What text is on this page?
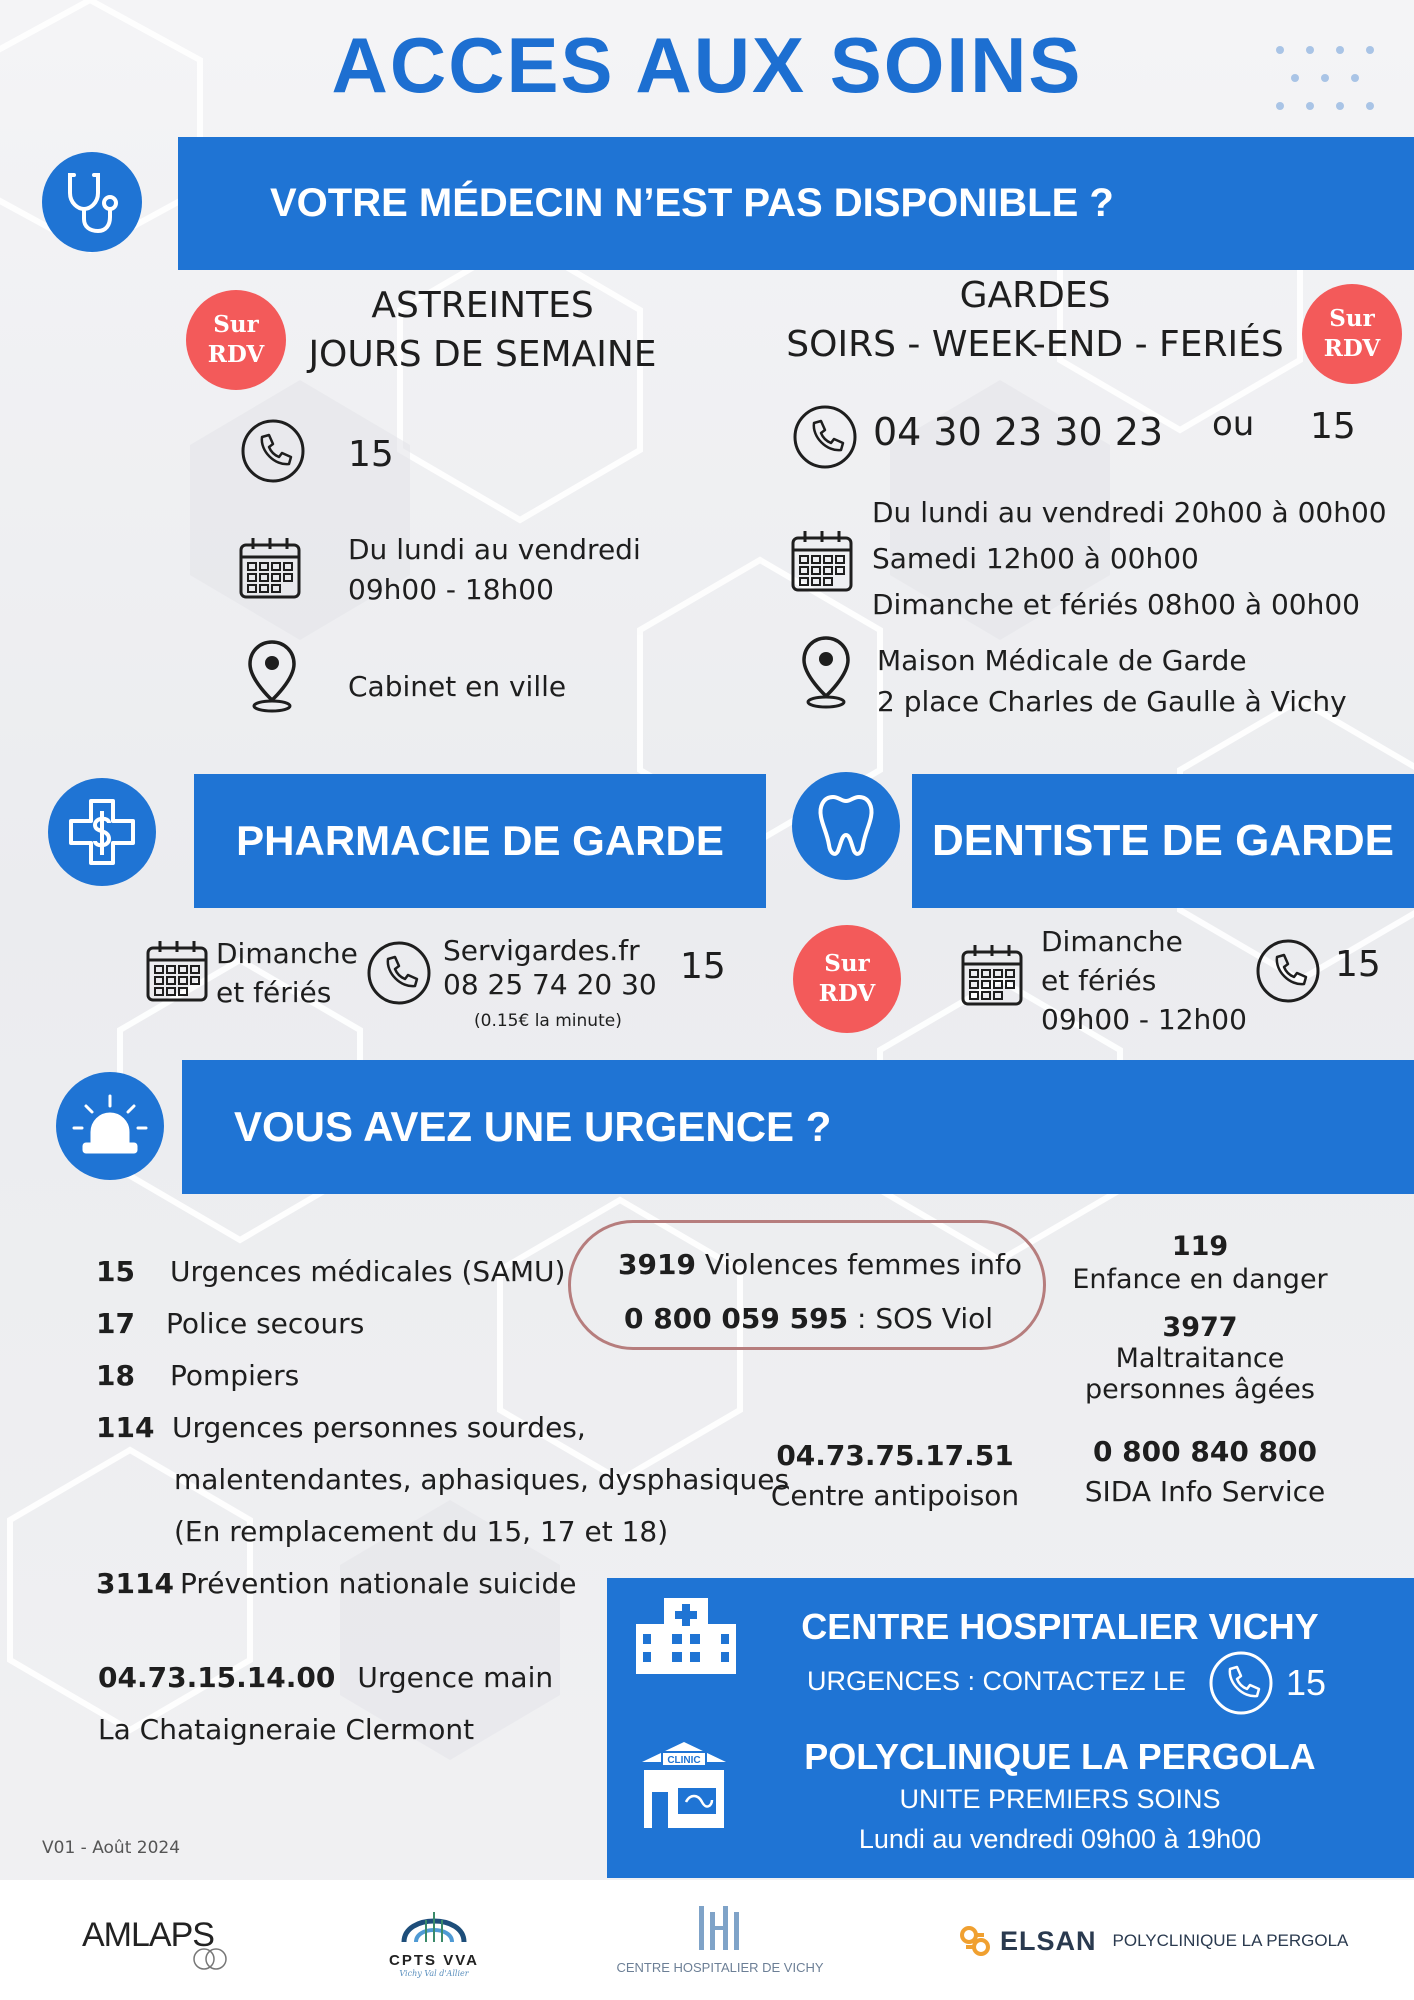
ACCES AUX SOINS
VOTRE MÉDECIN N’EST PAS DISPONIBLE ?
Sur
RDV
Sur
RDV
ASTREINTES
JOURS DE SEMAINE
GARDES
SOIRS - WEEK-END - FERIÉS
15
04 30 23 30 23 ou 15
Du lundi au vendredi
09h00 - 18h00
Du lundi au vendredi 20h00 à 00h00
Samedi 12h00 à 00h00
Dimanche et fériés 08h00 à 00h00
Cabinet en ville
Maison Médicale de Garde
2 place Charles de Gaulle à Vichy
PHARMACIE DE GARDE	DENTISTE DE GARDE
Dimanche
et fériés
Servigardes.fr
08 25 74 20 30
(0.15€ la minute)
15	Sur
RDV
Dimanche
et fériés
09h00 - 12h00
15
VOUS AVEZ UNE URGENCE ?
15 Urgences médicales (SAMU)
17 Police secours
18 Pompiers
114 Urgences personnes sourdes,
malentendantes, aphasiques, dysphasiques
(En remplacement du 15, 17 et 18)
3114 Prévention nationale suicide
3919 Violences femmes info
0 800 059 595 : SOS Viol
119
Enfance en danger
3977
Maltraitance
personnes âgées
04.73.75.17.51
Centre antipoison
0 800 840 800
SIDA Info Service
04.73.15.14.00 Urgence main
La Chataigneraie Clermont
V01 - Août 2024
CENTRE HOSPITALIER VICHY
URGENCES : CONTACTEZ LE	15
CLINIC	POLYCLINIQUE LA PERGOLA
UNITE PREMIERS SOINS
Lundi au vendredi 09h00 à 19h00
AMLAPS
CPTS VVA
Vichy Val d'Allier	CENTRE HOSPITALIER DE VICHY
ELSAN POLYCLINIQUE LA PERGOLA
